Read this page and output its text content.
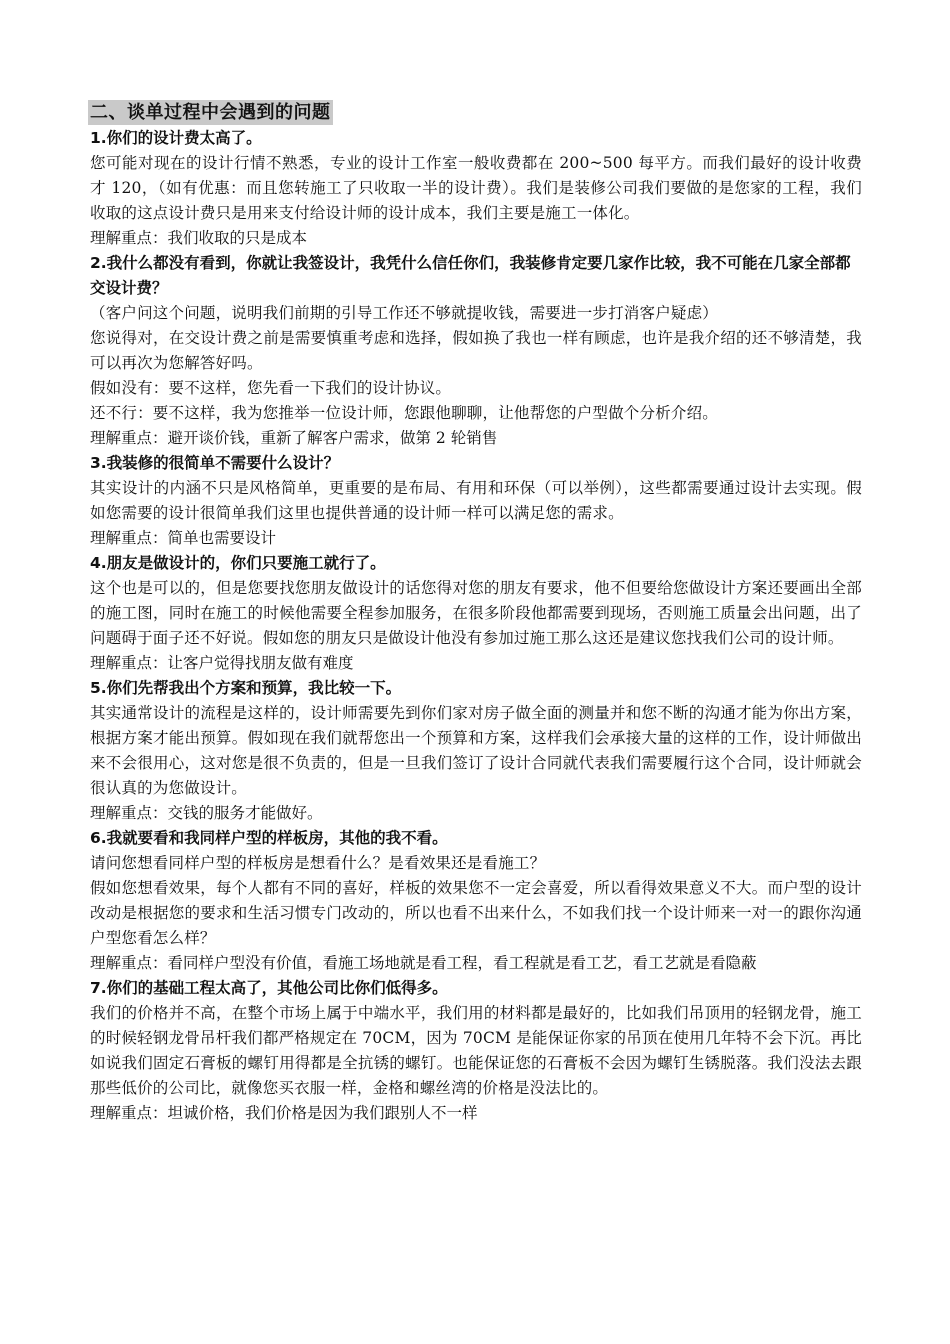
二、谈单过程中会遇到的问题

1.你们的设计费太高了。

您可能对现在的设计行情不熟悉，专业的设计工作室一般收费都在 200~500 每平方。而我们最好的设计收费才 120，（如有优惠：而且您转施工了只收取一半的设计费）。我们是装修公司我们要做的是您家的工程，我们收取的这点设计费只是用来支付给设计师的设计成本，我们主要是施工一体化。

理解重点：我们收取的只是成本

2.我什么都没有看到，你就让我签设计，我凭什么信任你们，我装修肯定要几家作比较，我不可能在几家全部都交设计费？

（客户问这个问题，说明我们前期的引导工作还不够就提收钱，需要进一步打消客户疑虑）

您说得对，在交设计费之前是需要慎重考虑和选择，假如换了我也一样有顾虑，也许是我介绍的还不够清楚，我可以再次为您解答好吗。

假如没有：要不这样，您先看一下我们的设计协议。

还不行：要不这样，我为您推举一位设计师，您跟他聊聊，让他帮您的户型做个分析介绍。

理解重点：避开谈价钱，重新了解客户需求，做第 2 轮销售

3.我装修的很简单不需要什么设计？

其实设计的内涵不只是风格简单，更重要的是布局、有用和环保（可以举例），这些都需要通过设计去实现。假如您需要的设计很简单我们这里也提供普通的设计师一样可以满足您的需求。

理解重点：简单也需要设计

4.朋友是做设计的，你们只要施工就行了。

这个也是可以的，但是您要找您朋友做设计的话您得对您的朋友有要求，他不但要给您做设计方案还要画出全部的施工图，同时在施工的时候他需要全程参加服务，在很多阶段他都需要到现场，否则施工质量会出问题，出了问题碍于面子还不好说。假如您的朋友只是做设计他没有参加过施工那么这还是建议您找我们公司的设计师。

理解重点：让客户觉得找朋友做有难度

5.你们先帮我出个方案和预算，我比较一下。

其实通常设计的流程是这样的，设计师需要先到你们家对房子做全面的测量并和您不断的沟通才能为你出方案，根据方案才能出预算。假如现在我们就帮您出一个预算和方案，这样我们会承接大量的这样的工作，设计师做出来不会很用心，这对您是很不负责的，但是一旦我们签订了设计合同就代表我们需要履行这个合同，设计师就会很认真的为您做设计。

理解重点：交钱的服务才能做好。

6.我就要看和我同样户型的样板房，其他的我不看。

请问您想看同样户型的样板房是想看什么？是看效果还是看施工？

假如您想看效果，每个人都有不同的喜好，样板的效果您不一定会喜爱，所以看得效果意义不大。而户型的设计改动是根据您的要求和生活习惯专门改动的，所以也看不出来什么，不如我们找一个设计师来一对一的跟你沟通户型您看怎么样？

理解重点：看同样户型没有价值，看施工场地就是看工程，看工程就是看工艺，看工艺就是看隐蔽

7.你们的基础工程太高了，其他公司比你们低得多。

我们的价格并不高，在整个市场上属于中端水平，我们用的材料都是最好的，比如我们吊顶用的轻钢龙骨，施工的时候轻钢龙骨吊杆我们都严格规定在 70CM，因为 70CM 是能保证你家的吊顶在使用几年特不会下沉。再比如说我们固定石膏板的螺钉用得都是全抗锈的螺钉。也能保证您的石膏板不会因为螺钉生锈脱落。我们没法去跟那些低价的公司比，就像您买衣服一样，金格和螺丝湾的价格是没法比的。

理解重点：坦诚价格，我们价格是因为我们跟别人不一样
